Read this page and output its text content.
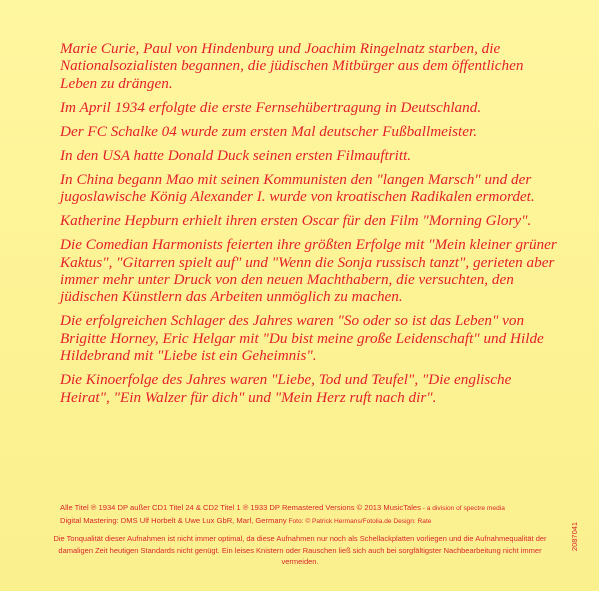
Marie Curie, Paul von Hindenburg und Joachim Ringelnatz starben, die Nationalsozialisten begannen, die jüdischen Mitbürger aus dem öffentlichen Leben zu drängen.

Im April 1934 erfolgte die erste Fernsehübertragung in Deutschland.

Der FC Schalke 04 wurde zum ersten Mal deutscher Fußballmeister.

In den USA hatte Donald Duck seinen ersten Filmauftritt.

In China begann Mao mit seinen Kommunisten den "langen Marsch" und der jugoslawische König Alexander I. wurde von kroatischen Radikalen ermordet.

Katherine Hepburn erhielt ihren ersten Oscar für den Film "Morning Glory".

Die Comedian Harmonists feierten ihre größten Erfolge mit "Mein kleiner grüner Kaktus", "Gitarren spielt auf" und "Wenn die Sonja russisch tanzt", gerieten aber immer mehr unter Druck von den neuen Machthabern, die versuchten, den jüdischen Künstlern das Arbeiten unmöglich zu machen.

Die erfolgreichen Schlager des Jahres waren "So oder so ist das Leben" von Brigitte Horney, Eric Helgar mit "Du bist meine große Leidenschaft" und Hilde Hildebrand mit "Liebe ist ein Geheimnis".

Die Kinoerfolge des Jahres waren "Liebe, Tod und Teufel", "Die englische Heirat", "Ein Walzer für dich" und "Mein Herz ruft nach dir".

Alle Titel ℗ 1934 DP außer CD1 Titel 24 & CD2 Titel 1 ℗ 1933 DP Remastered Versions © 2013 MusicTales - a division of spectre media
Digital Mastering: DMS Ulf Horbelt & Uwe Lux GbR, Marl, Germany Foto: © Patrick Hermans/Fotolia.de Design: Rate
Die Tonqualität dieser Aufnahmen ist nicht immer optimal, da diese Aufnahmen nur noch als Schellackplatten vorliegen und die Aufnahmequalität der damaligen Zeit heutigen Standards nicht genügt. Ein leises Knistern oder Rauschen ließ sich auch bei sorgfältigster Nachbearbeitung nicht immer vermeiden.
2087041
